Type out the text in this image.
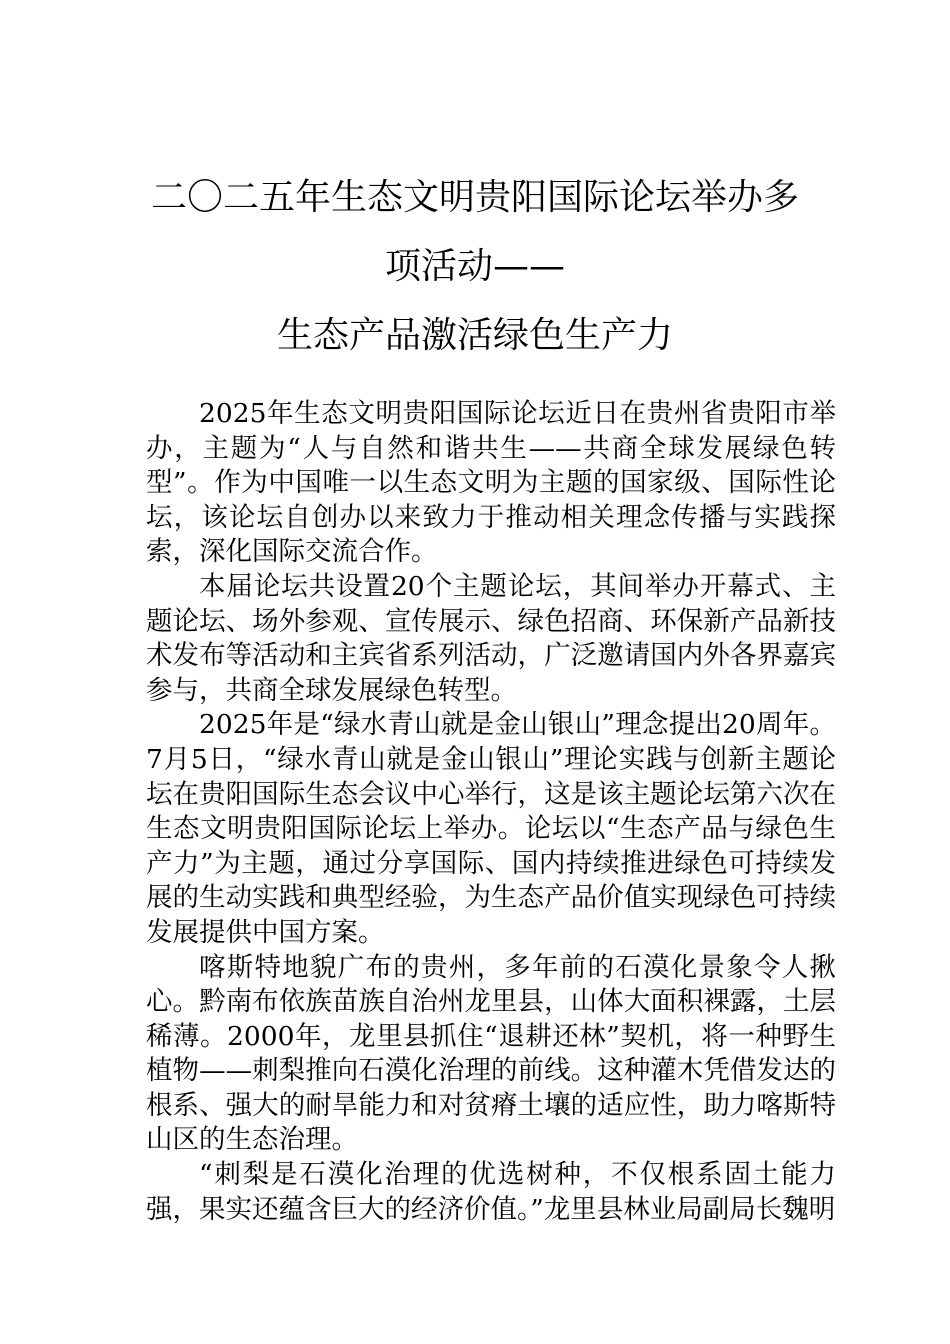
二〇二五年生态文明贵阳国际论坛举办多
项活动——
生态产品激活绿色生产力

2025年生态文明贵阳国际论坛近日在贵州省贵阳市举办，主题为“人与自然和谐共生——共商全球发展绿色转型”。作为中国唯一以生态文明为主题的国家级、国际性论坛，该论坛自创办以来致力于推动相关理念传播与实践探索，深化国际交流合作。

本届论坛共设置20个主题论坛，其间举办开幕式、主题论坛、场外参观、宣传展示、绿色招商、环保新产品新技术发布等活动和主宾省系列活动，广泛邀请国内外各界嘉宾参与，共商全球发展绿色转型。

2025年是“绿水青山就是金山银山”理念提出20周年。7月5日，“绿水青山就是金山银山”理论实践与创新主题论坛在贵阳国际生态会议中心举行，这是该主题论坛第六次在生态文明贵阳国际论坛上举办。论坛以“生态产品与绿色生产力”为主题，通过分享国际、国内持续推进绿色可持续发展的生动实践和典型经验，为生态产品价值实现绿色可持续发展提供中国方案。

喀斯特地貌广布的贵州，多年前的石漠化景象令人揪心。黔南布依族苗族自治州龙里县，山体大面积裸露，土层稀薄。2000年，龙里县抓住“退耕还林”契机，将一种野生植物——刺梨推向石漠化治理的前线。这种灌木凭借发达的根系、强大的耐旱能力和对贫瘠土壤的适应性，助力喀斯特山区的生态治理。

“刺梨是石漠化治理的优选树种，不仅根系固土能力强，果实还蕴含巨大的经济价值。”龙里县林业局副局长魏明
